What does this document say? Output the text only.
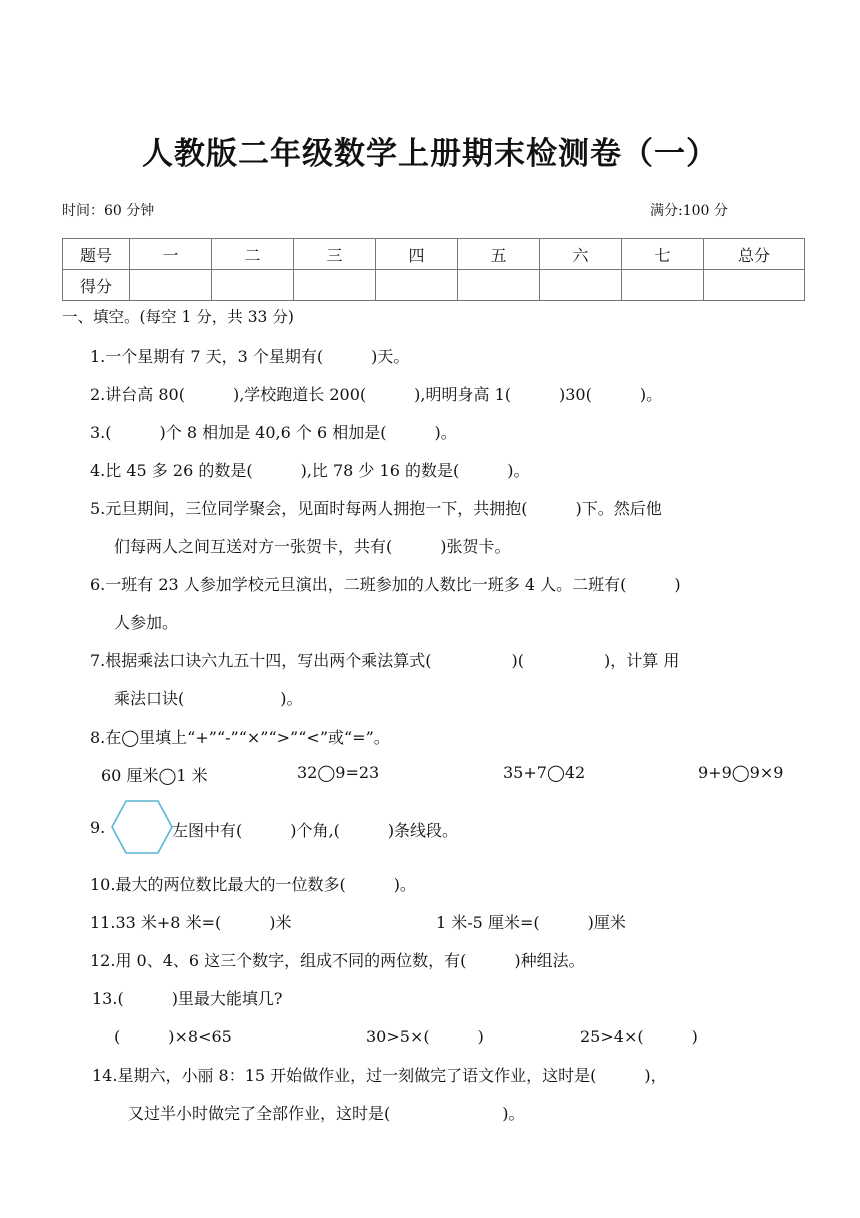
人教版二年级数学上册期末检测卷（一）
时间：60 分钟	满分:100 分
题号	一	二	三	四	五	六	七	总分
得分								
一、填空。(每空 1 分，共 33 分)
1.一个星期有 7 天，3 个星期有(　　　)天。
2.讲台高 80(　　　),学校跑道长 200(　　　),明明身高 1(　　　)30(　　　)。
3.(　　　)个 8 相加是 40,6 个 6 相加是(　　　)。
4.比 45 多 26 的数是(　　　),比 78 少 16 的数是(　　　)。
5.元旦期间，三位同学聚会，见面时每两人拥抱一下，共拥抱(　　　)下。然后他
们每两人之间互送对方一张贺卡，共有(　　　)张贺卡。
6.一班有 23 人参加学校元旦演出，二班参加的人数比一班多 4 人。二班有(　　　)
人参加。
7.根据乘法口诀六九五十四，写出两个乘法算式(　　　　　)(　　　　　)，计算 用
乘法口诀(　　　　　　)。
8.在◯里填上“+”“-”“×”“>”“<”或“=”。
60 厘米◯1 米	32◯9=23	35+7◯42	9+9◯9×9
9.	左图中有(　　　)个角,(　　　)条线段。
10.最大的两位数比最大的一位数多(　　　)。
11.33 米+8 米=(　　　)米	1 米-5 厘米=(　　　)厘米
12.用 0、4、6 这三个数字，组成不同的两位数，有(　　　)种组法。
13.(　　　)里最大能填几?
(　　　)×8<65	30>5×(　　　)	25>4×(　　　)
14.星期六，小丽 8：15 开始做作业，过一刻做完了语文作业，这时是(　　　)，
又过半小时做完了全部作业，这时是(　　　　　　　)。
